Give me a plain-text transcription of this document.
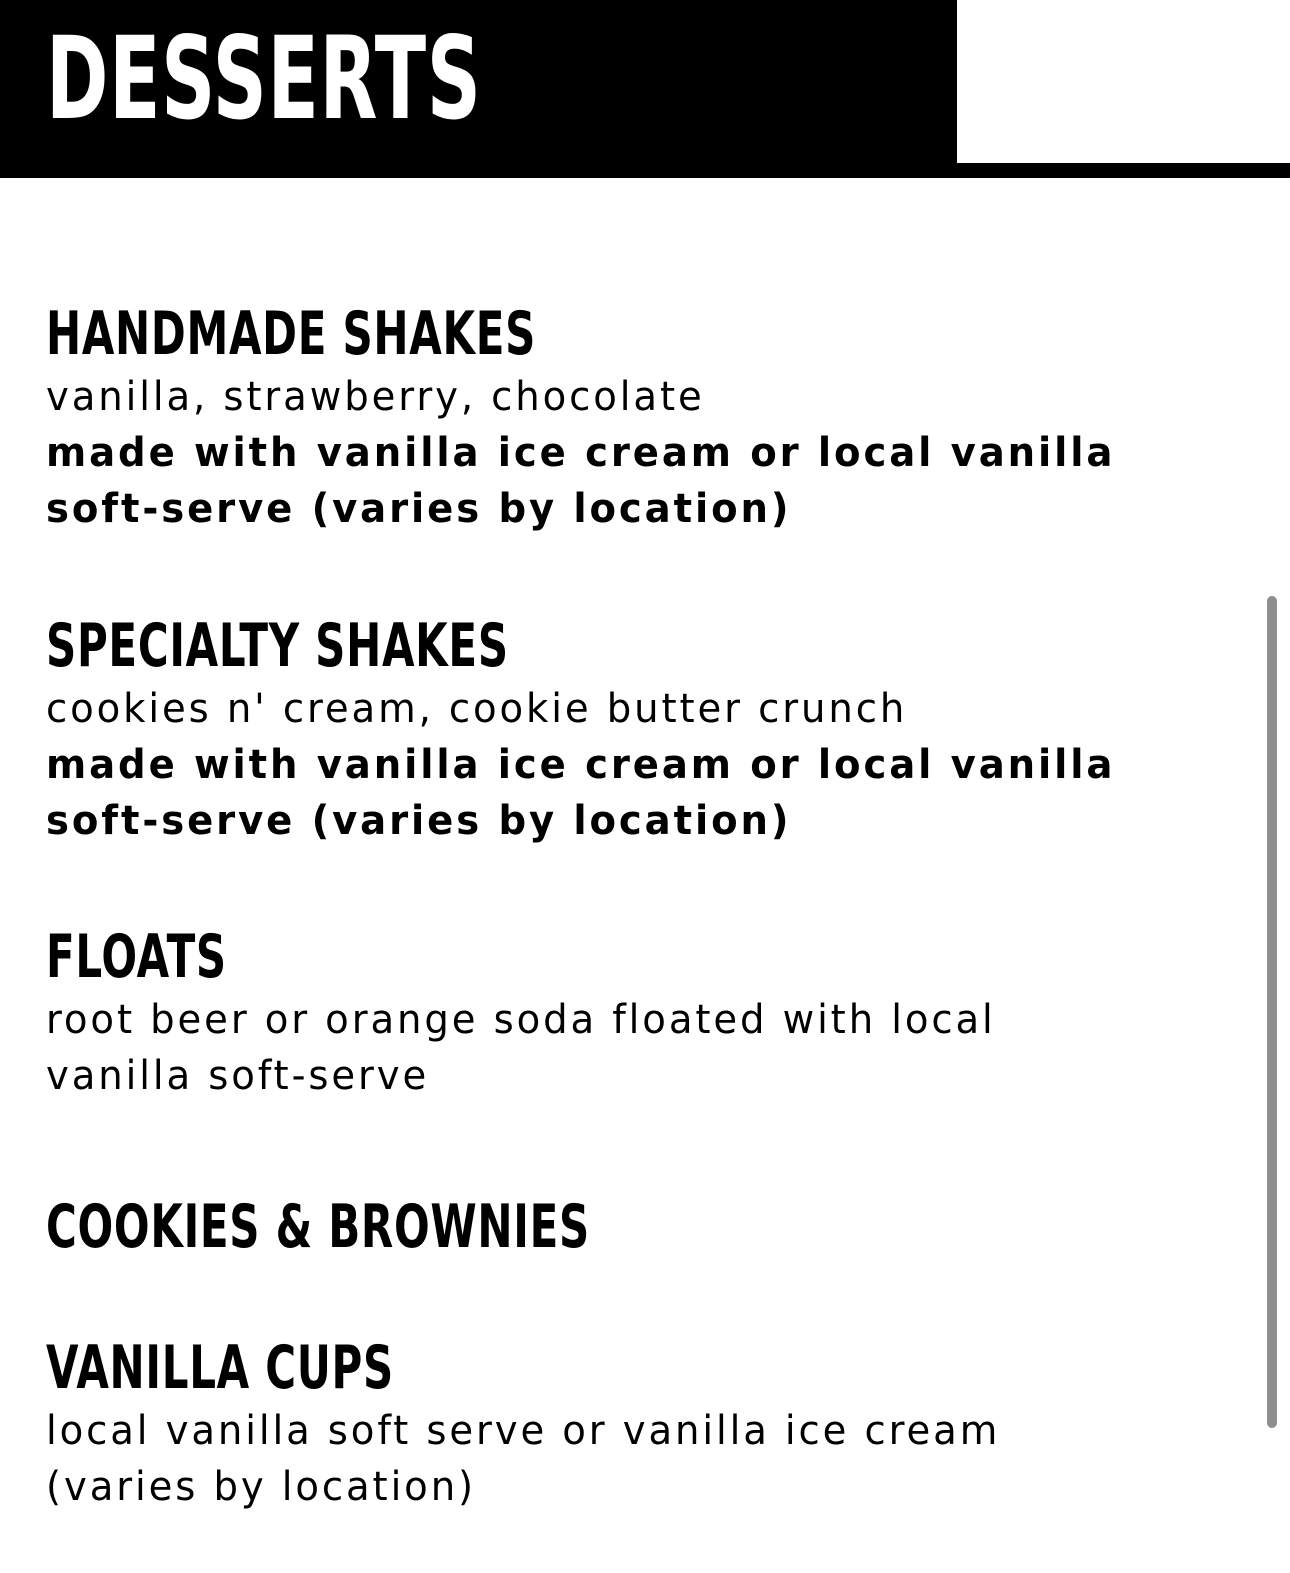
DESSERTS
HANDMADE SHAKES

vanilla, strawberry, chocolate

made with vanilla ice cream or local vanilla

soft-serve (varies by location)

SPECIALTY SHAKES

cookies n' cream, cookie butter crunch

made with vanilla ice cream or local vanilla

soft-serve (varies by location)

FLOATS

root beer or orange soda floated with local

vanilla soft-serve

COOKIES & BROWNIES
VANILLA CUPS

local vanilla soft serve or vanilla ice cream

(varies by location)
